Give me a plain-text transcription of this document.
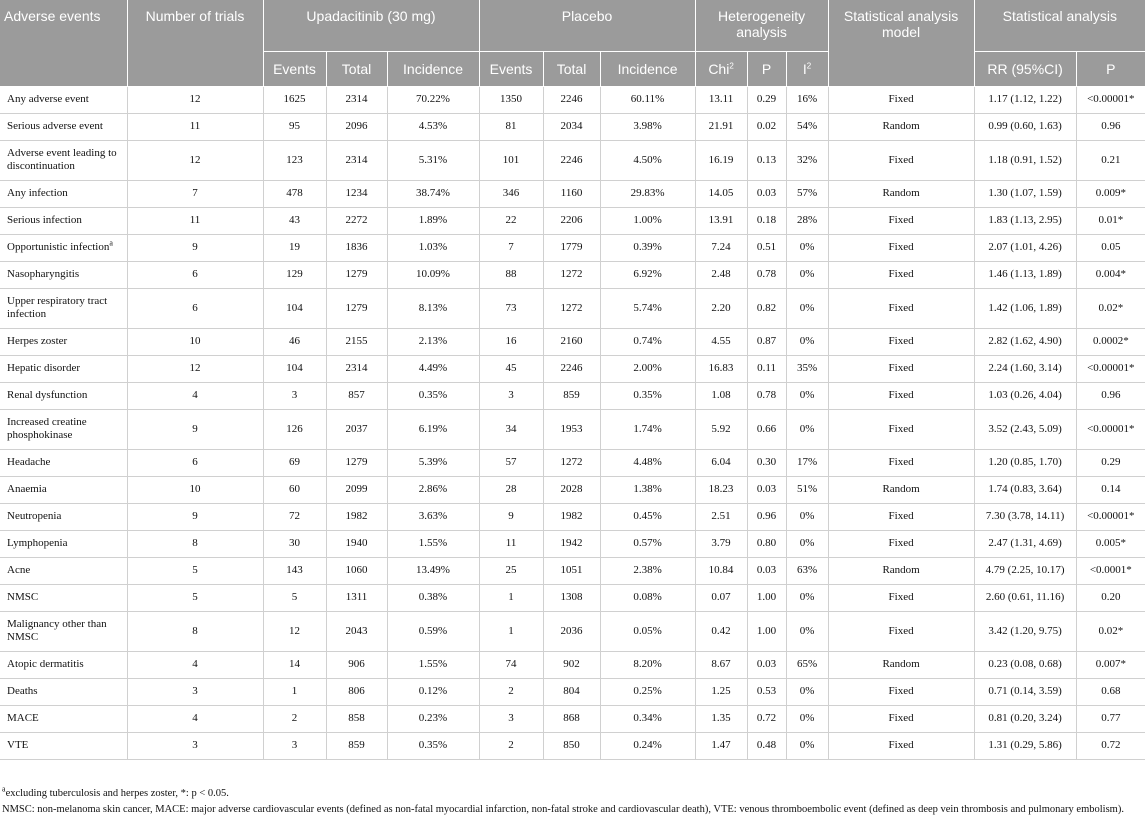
Adverse events	Number of trials	Upadacitinib (30 mg)			Placebo			Heterogeneity analysis			Statistical analysis model	Statistical analysis	
		Events	Total	Incidence	Events	Total	Incidence	Chi$^2$	P	$I^2$		RR (95%CI)	P
Any adverse event	12	1625	2314	70.22%	1350	2246	60.11%	13.11	0.29	16%	Fixed	1.17 (1.12, 1.22)	<0.00001*
Serious adverse event	11	95	2096	4.53%	81	2034	3.98%	21.91	0.02	54%	Random	0.99 (0.60, 1.63)	0.96
Adverse event leading to discontinuation	12	123	2314	5.31%	101	2246	4.50%	16.19	0.13	32%	Fixed	1.18 (0.91, 1.52)	0.21
Any infection	7	478	1234	38.74%	346	1160	29.83%	14.05	0.03	57%	Random	1.30 (1.07, 1.59)	0.009*
Serious infection	11	43	2272	1.89%	22	2206	1.00%	13.91	0.18	28%	Fixed	1.83 (1.13, 2.95)	0.01*
Opportunistic infection$^a$	9	19	1836	1.03%	7	1779	0.39%	7.24	0.51	0%	Fixed	2.07 (1.01, 4.26)	0.05
Nasopharyngitis	6	129	1279	10.09%	88	1272	6.92%	2.48	0.78	0%	Fixed	1.46 (1.13, 1.89)	0.004*
Upper respiratory tract infection	6	104	1279	8.13%	73	1272	5.74%	2.20	0.82	0%	Fixed	1.42 (1.06, 1.89)	0.02*
Herpes zoster	10	46	2155	2.13%	16	2160	0.74%	4.55	0.87	0%	Fixed	2.82 (1.62, 4.90)	0.0002*
Hepatic disorder	12	104	2314	4.49%	45	2246	2.00%	16.83	0.11	35%	Fixed	2.24 (1.60, 3.14)	<0.00001*
Renal dysfunction	4	3	857	0.35%	3	859	0.35%	1.08	0.78	0%	Fixed	1.03 (0.26, 4.04)	0.96
Increased creatine phosphokinase	9	126	2037	6.19%	34	1953	1.74%	5.92	0.66	0%	Fixed	3.52 (2.43, 5.09)	<0.00001*
Headache	6	69	1279	5.39%	57	1272	4.48%	6.04	0.30	17%	Fixed	1.20 (0.85, 1.70)	0.29
Anaemia	10	60	2099	2.86%	28	2028	1.38%	18.23	0.03	51%	Random	1.74 (0.83, 3.64)	0.14
Neutropenia	9	72	1982	3.63%	9	1982	0.45%	2.51	0.96	0%	Fixed	7.30 (3.78, 14.11)	<0.00001*
Lymphopenia	8	30	1940	1.55%	11	1942	0.57%	3.79	0.80	0%	Fixed	2.47 (1.31, 4.69)	0.005*
Acne	5	143	1060	13.49%	25	1051	2.38%	10.84	0.03	63%	Random	4.79 (2.25, 10.17)	<0.0001*
NMSC	5	5	1311	0.38%	1	1308	0.08%	0.07	1.00	0%	Fixed	2.60 (0.61, 11.16)	0.20
Malignancy other than NMSC	8	12	2043	0.59%	1	2036	0.05%	0.42	1.00	0%	Fixed	3.42 (1.20, 9.75)	0.02*
Atopic dermatitis	4	14	906	1.55%	74	902	8.20%	8.67	0.03	65%	Random	0.23 (0.08, 0.68)	0.007*
Deaths	3	1	806	0.12%	2	804	0.25%	1.25	0.53	0%	Fixed	0.71 (0.14, 3.59)	0.68
MACE	4	2	858	0.23%	3	868	0.34%	1.35	0.72	0%	Fixed	0.81 (0.20, 3.24)	0.77
VTE	3	3	859	0.35%	2	850	0.24%	1.47	0.48	0%	Fixed	1.31 (0.29, 5.86)	0.72
$^a$excluding tuberculosis and herpes zoster, *: p < 0.05.
NMSC: non-melanoma skin cancer, MACE: major adverse cardiovascular events (defined as non-fatal myocardial infarction, non-fatal stroke and cardiovascular death), VTE: venous thromboembolic event (defined as deep vein thrombosis and pulmonary embolism).
